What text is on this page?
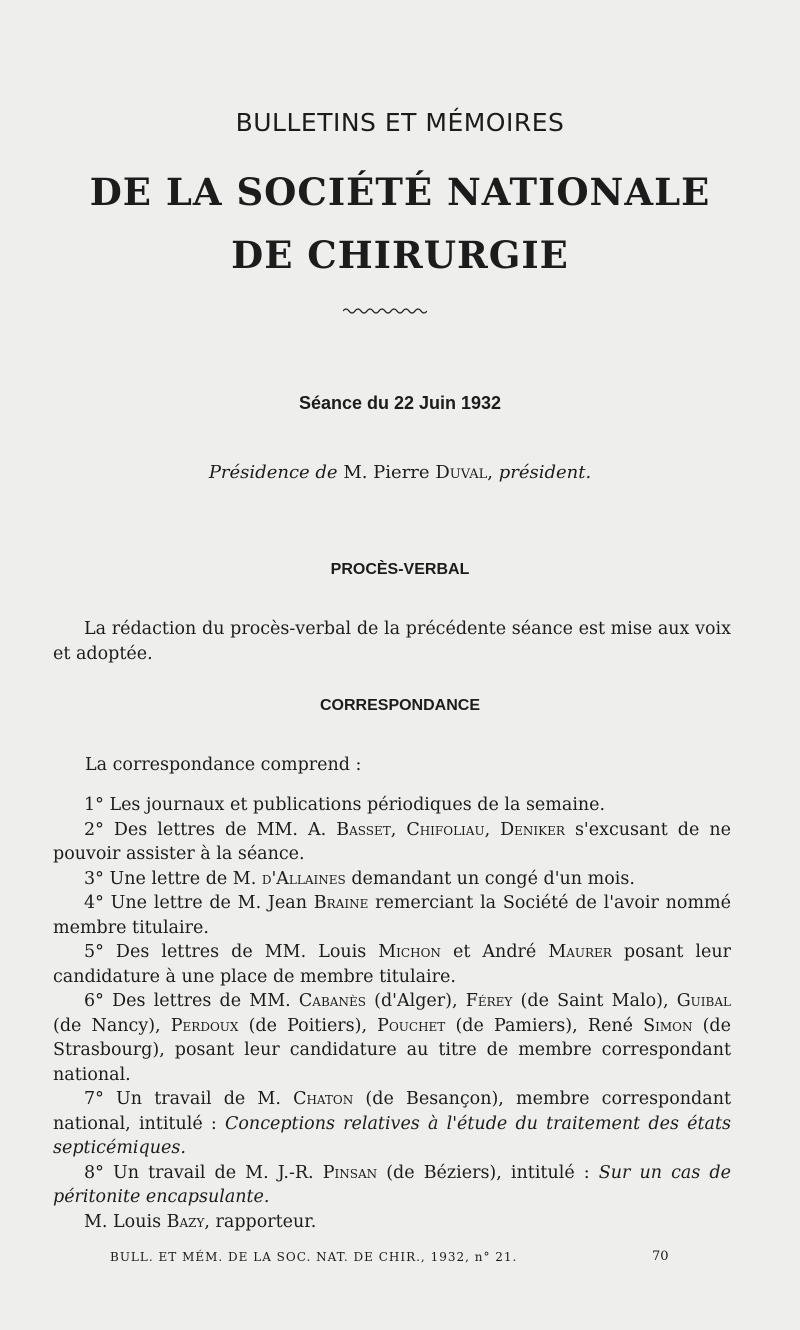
BULLETINS ET MÉMOIRES
DE LA SOCIÉTÉ NATIONALE
DE CHIRURGIE
Séance du 22 Juin 1932
Présidence de M. Pierre Duval, président.
PROCÈS-VERBAL

La rédaction du procès-verbal de la précédente séance est mise aux voix et adoptée.

CORRESPONDANCE

La correspondance comprend :

1° Les journaux et publications périodiques de la semaine.

2° Des lettres de MM. A. Basset, Chifoliau, Deniker s'excusant de ne pouvoir assister à la séance.

3° Une lettre de M. d'Allaines demandant un congé d'un mois.

4° Une lettre de M. Jean Braine remerciant la Société de l'avoir nommé membre titulaire.

5° Des lettres de MM. Louis Michon et André Maurer posant leur candidature à une place de membre titulaire.

6° Des lettres de MM. Cabanès (d'Alger), Férey (de Saint Malo), Guibal (de Nancy), Perdoux (de Poitiers), Pouchet (de Pamiers), René Simon (de Strasbourg), posant leur candidature au titre de membre correspondant national.

7° Un travail de M. Chaton (de Besançon), membre correspondant national, intitulé : Conceptions relatives à l'étude du traitement des états septicémiques.

8° Un travail de M. J.-R. Pinsan (de Béziers), intitulé : Sur un cas de péritonite encapsulante.

M. Louis Bazy, rapporteur.

BULL. ET MÉM. DE LA SOC. NAT. DE CHIR., 1932, n° 21.	70
